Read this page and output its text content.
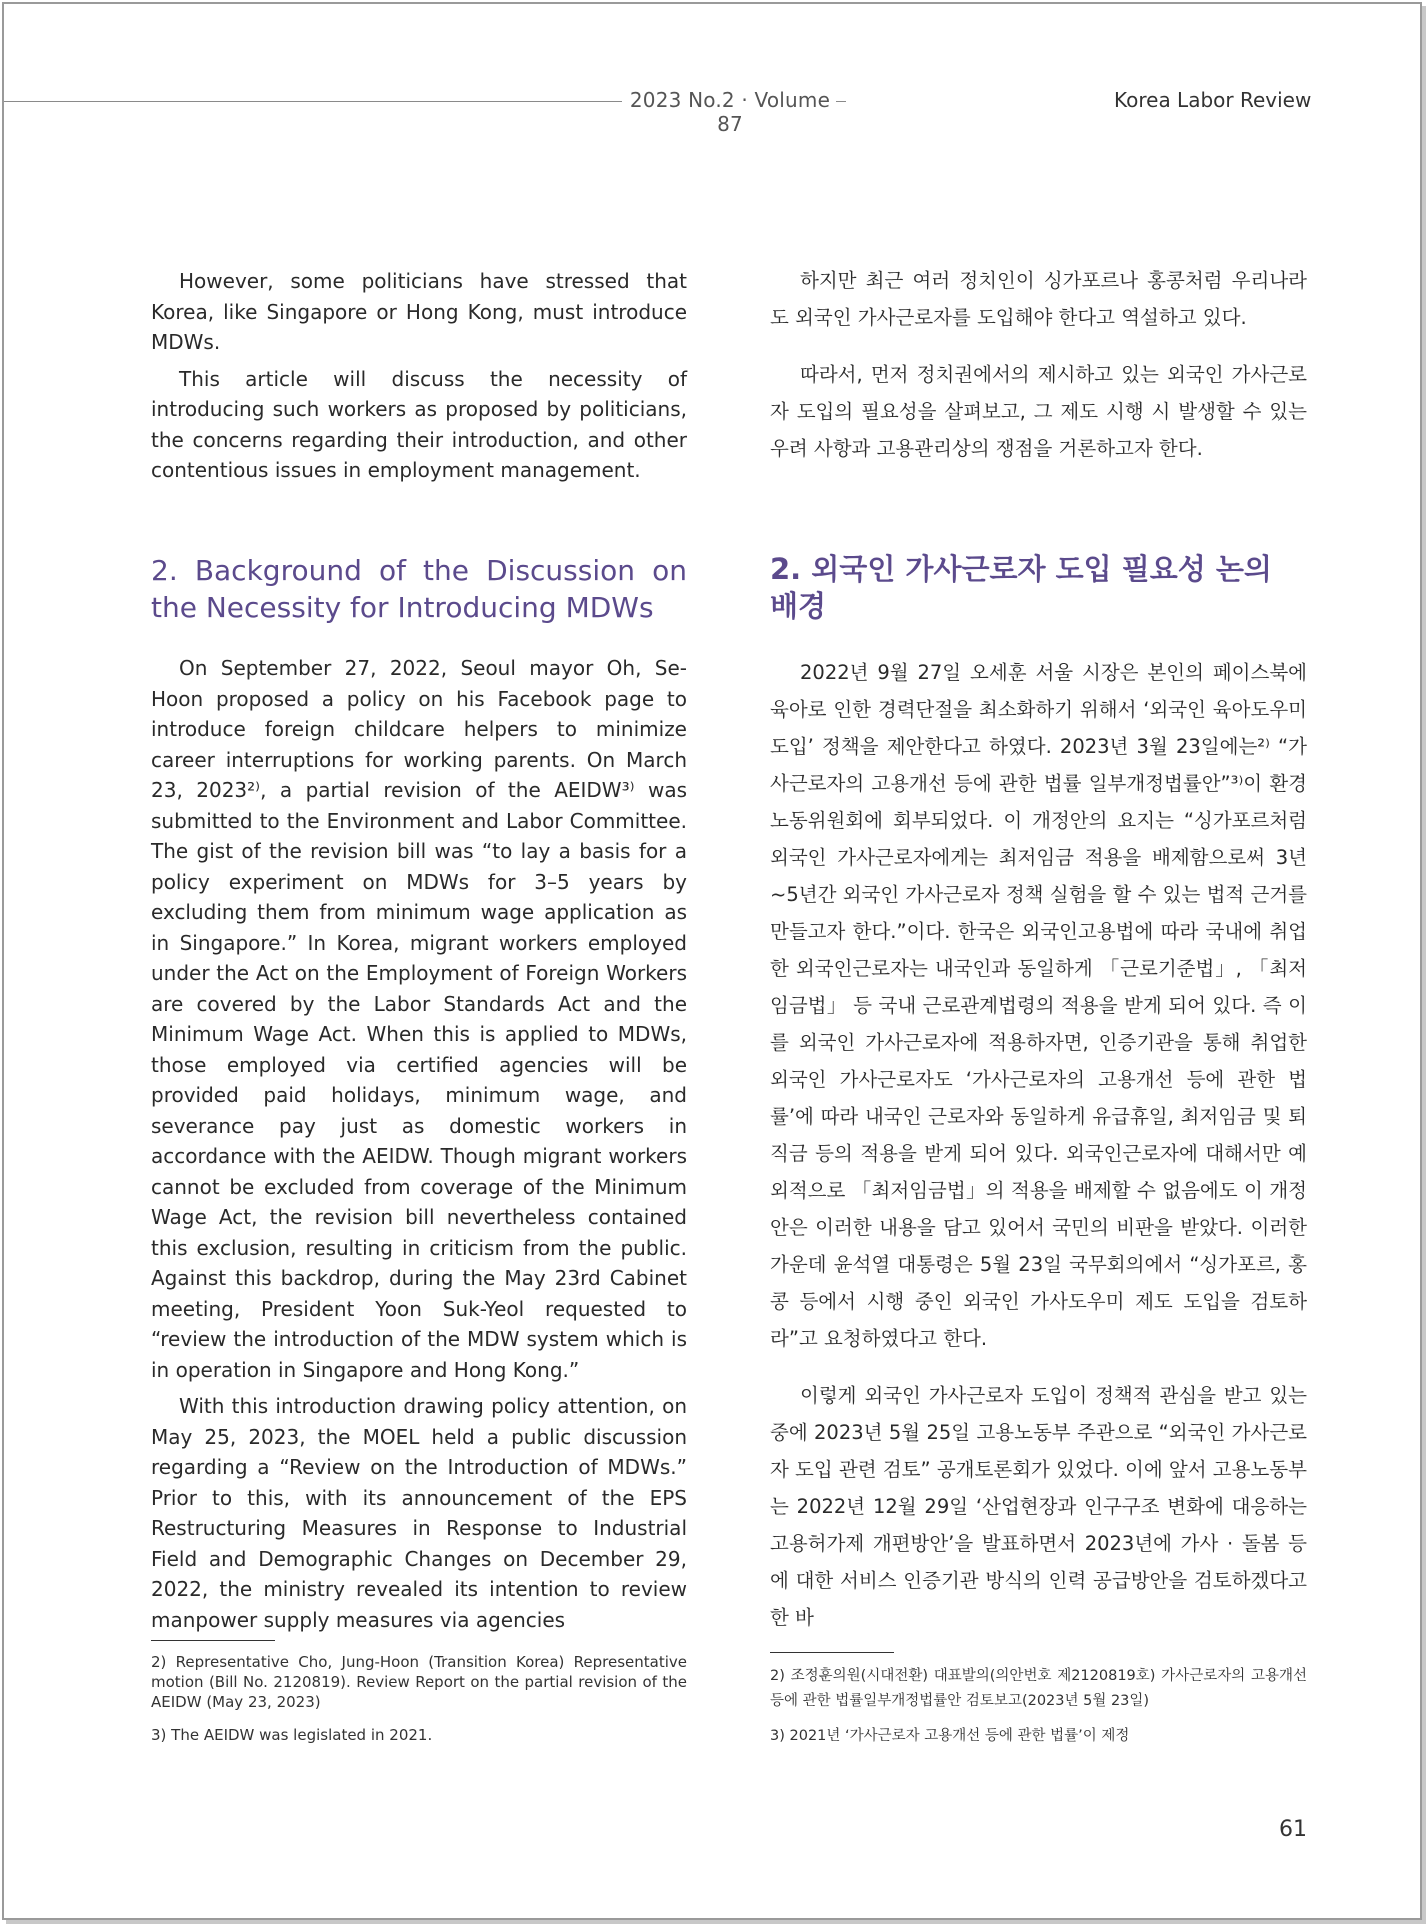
2023 No.2 · Volume 87
Korea Labor Review

However, some politicians have stressed that Korea, like Singapore or Hong Kong, must introduce MDWs.

This article will discuss the necessity of introducing such workers as proposed by politicians, the concerns regarding their introduction, and other contentious issues in employment management.

2. Background of the Discussion on the Necessity for Introducing MDWs

On September 27, 2022, Seoul mayor Oh, Se-Hoon proposed a policy on his Facebook page to introduce foreign childcare helpers to minimize career interruptions for working parents. On March 23, 2023²⁾, a partial revision of the AEIDW³⁾ was submitted to the Environment and Labor Committee. The gist of the revision bill was “to lay a basis for a policy experiment on MDWs for 3–5 years by excluding them from minimum wage application as in Singapore.” In Korea, migrant workers employed under the Act on the Employment of Foreign Workers are covered by the Labor Standards Act and the Minimum Wage Act. When this is applied to MDWs, those employed via certified agencies will be provided paid holidays, minimum wage, and severance pay just as domestic workers in accordance with the AEIDW. Though migrant workers cannot be excluded from coverage of the Minimum Wage Act, the revision bill nevertheless contained this exclusion, resulting in criticism from the public. Against this backdrop, during the May 23rd Cabinet meeting, President Yoon Suk-Yeol requested to “review the introduction of the MDW system which is in operation in Singapore and Hong Kong.”

With this introduction drawing policy attention, on May 25, 2023, the MOEL held a public discussion regarding a “Review on the Introduction of MDWs.” Prior to this, with its announcement of the EPS Restructuring Measures in Response to Industrial Field and Demographic Changes on December 29, 2022, the ministry revealed its intention to review manpower supply measures via agencies

하지만 최근 여러 정치인이 싱가포르나 홍콩처럼 우리나라도 외국인 가사근로자를 도입해야 한다고 역설하고 있다.

따라서, 먼저 정치권에서의 제시하고 있는 외국인 가사근로자 도입의 필요성을 살펴보고, 그 제도 시행 시 발생할 수 있는 우려 사항과 고용관리상의 쟁점을 거론하고자 한다.

2. 외국인 가사근로자 도입 필요성 논의 배경

2022년 9월 27일 오세훈 서울 시장은 본인의 페이스북에 육아로 인한 경력단절을 최소화하기 위해서 ‘외국인 육아도우미 도입’ 정책을 제안한다고 하였다. 2023년 3월 23일에는²⁾ “가사근로자의 고용개선 등에 관한 법률 일부개정법률안”³⁾이 환경노동위원회에 회부되었다. 이 개정안의 요지는 “싱가포르처럼 외국인 가사근로자에게는 최저임금 적용을 배제함으로써 3년~5년간 외국인 가사근로자 정책 실험을 할 수 있는 법적 근거를 만들고자 한다.”이다. 한국은 외국인고용법에 따라 국내에 취업한 외국인근로자는 내국인과 동일하게 「근로기준법」, 「최저임금법」 등 국내 근로관계법령의 적용을 받게 되어 있다. 즉 이를 외국인 가사근로자에 적용하자면, 인증기관을 통해 취업한 외국인 가사근로자도 ‘가사근로자의 고용개선 등에 관한 법률’에 따라 내국인 근로자와 동일하게 유급휴일, 최저임금 및 퇴직금 등의 적용을 받게 되어 있다. 외국인근로자에 대해서만 예외적으로 「최저임금법」의 적용을 배제할 수 없음에도 이 개정안은 이러한 내용을 담고 있어서 국민의 비판을 받았다. 이러한 가운데 윤석열 대통령은 5월 23일 국무회의에서 “싱가포르, 홍콩 등에서 시행 중인 외국인 가사도우미 제도 도입을 검토하라”고 요청하였다고 한다.

이렇게 외국인 가사근로자 도입이 정책적 관심을 받고 있는 중에 2023년 5월 25일 고용노동부 주관으로 “외국인 가사근로자 도입 관련 검토” 공개토론회가 있었다. 이에 앞서 고용노동부는 2022년 12월 29일 ‘산업현장과 인구구조 변화에 대응하는 고용허가제 개편방안’을 발표하면서 2023년에 가사 · 돌봄 등에 대한 서비스 인증기관 방식의 인력 공급방안을 검토하겠다고 한 바

2) Representative Cho, Jung-Hoon (Transition Korea) Representative motion (Bill No. 2120819). Review Report on the partial revision of the AEIDW (May 23, 2023)

3) The AEIDW was legislated in 2021.

2) 조정훈의원(시대전환) 대표발의(의안번호 제2120819호) 가사근로자의 고용개선 등에 관한 법률일부개정법률안 검토보고(2023년 5월 23일)

3) 2021년 ‘가사근로자 고용개선 등에 관한 법률’이 제정

61
